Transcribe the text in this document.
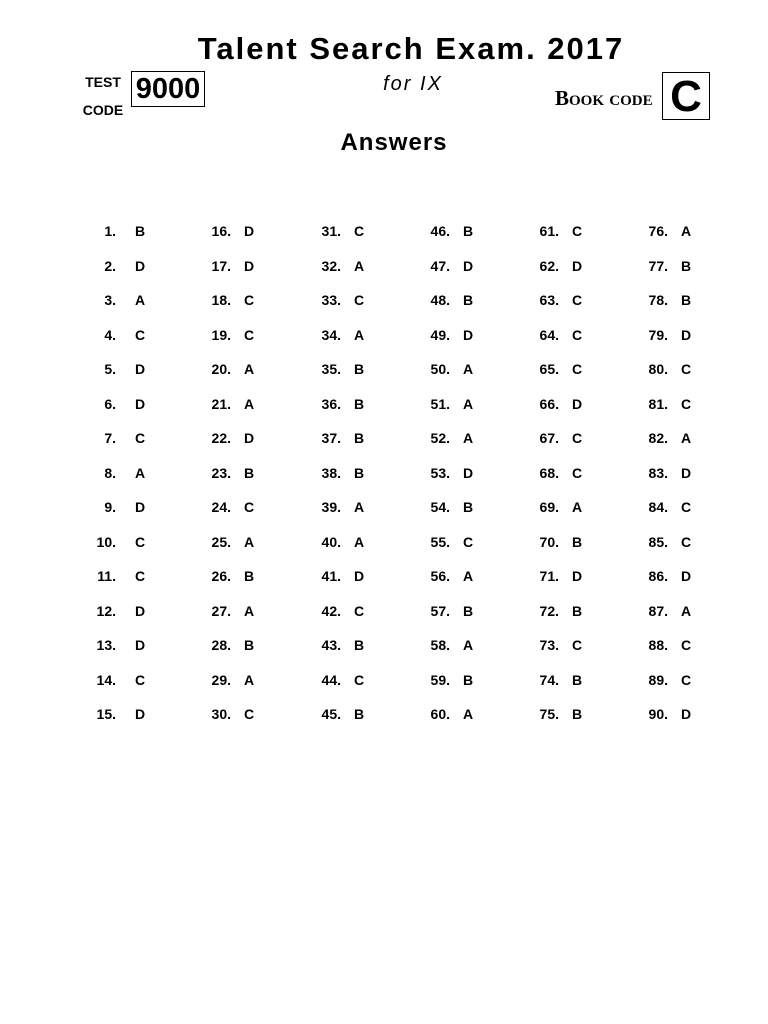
Talent Search Exam. 2017
for IX
TEST
CODE
9000	Book code C
Answers
1. B
2. D
3. A
4. C
5. D
6. D
7. C
8. A
9. D
10. C
11. C
12. D
13. D
14. C
15. D
16. D
17. D
18. C
19. C
20. A
21. A
22. D
23. B
24. C
25. A
26. B
27. A
28. B
29. A
30. C
31. C
32. A
33. C
34. A
35. B
36. B
37. B
38. B
39. A
40. A
41. D
42. C
43. B
44. C
45. B
46. B
47. D
48. B
49. D
50. A
51. A
52. A
53. D
54. B
55. C
56. A
57. B
58. A
59. B
60. A
61. C
62. D
63. C
64. C
65. C
66. D
67. C
68. C
69. A
70. B
71. D
72. B
73. C
74. B
75. B
76. A
77. B
78. B
79. D
80. C
81. C
82. A
83. D
84. C
85. C
86. D
87. A
88. C
89. C
90. D
